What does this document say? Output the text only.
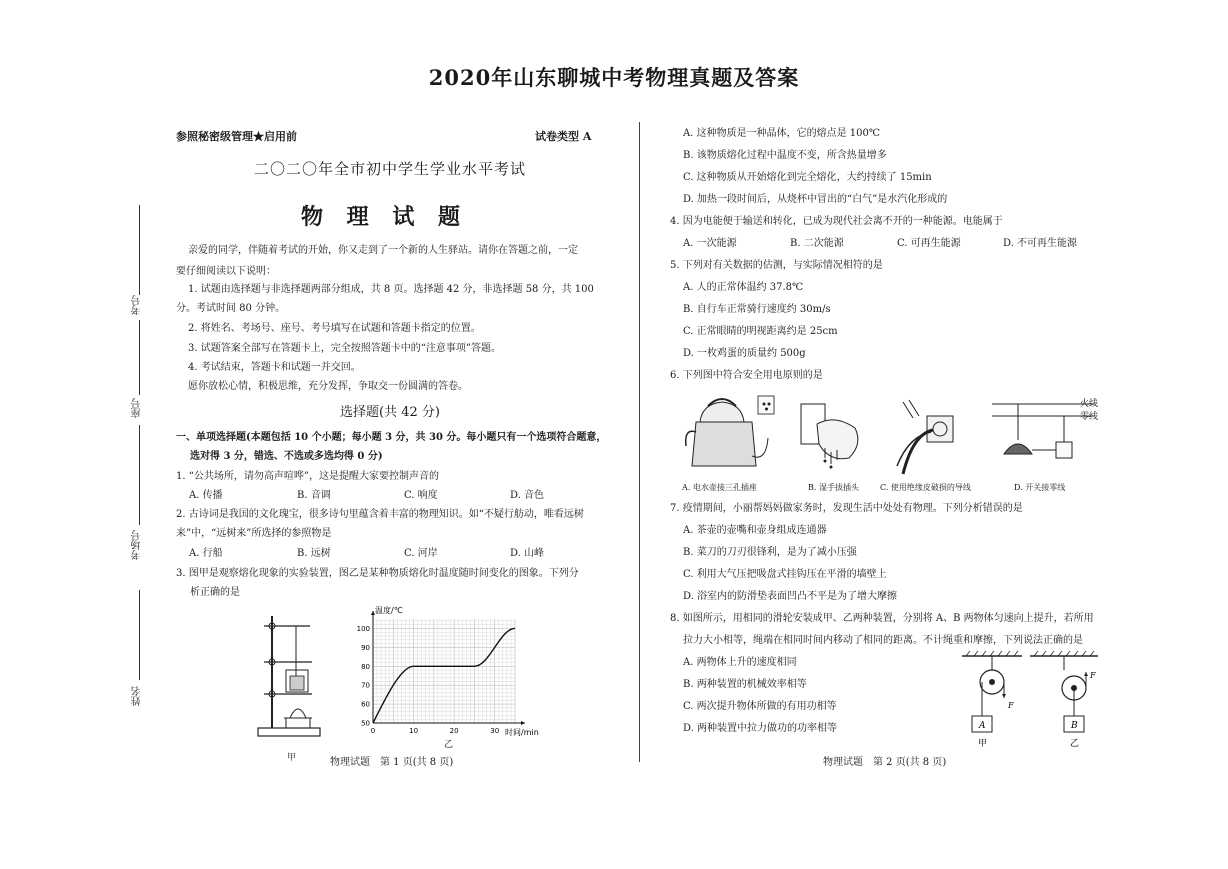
2020年山东聊城中考物理真题及答案
参照秘密级管理★启用前	试卷类型 A
二〇二〇年全市初中学生学业水平考试
物 理 试 题
亲爱的同学，伴随着考试的开始，你又走到了一个新的人生驿站。请你在答题之前，一定
要仔细阅读以下说明：
1. 试题由选择题与非选择题两部分组成，共 8 页。选择题 42 分，非选择题 58 分，共 100
分。考试时间 80 分钟。
2. 将姓名、考场号、座号、考号填写在试题和答题卡指定的位置。
3. 试题答案全部写在答题卡上，完全按照答题卡中的“注意事项”答题。
4. 考试结束，答题卡和试题一并交回。
愿你放松心情，积极思维，充分发挥，争取交一份圆满的答卷。
选择题(共 42 分)
一、单项选择题(本题包括 10 个小题；每小题 3 分，共 30 分。每小题只有一个选项符合题意，
选对得 3 分，错选、不选或多选均得 0 分)
1. “公共场所，请勿高声喧哗”，这是提醒大家要控制声音的
A. 传播	B. 音调	C. 响度	D. 音色
2. 古诗词是我国的文化瑰宝，很多诗句里蕴含着丰富的物理知识。如“不疑行舫动，唯看远树
来”中，“远树来”所选择的参照物是
A. 行船	B. 远树	C. 河岸	D. 山峰
3. 图甲是观察熔化现象的实验装置，图乙是某种物质熔化时温度随时间变化的图象。下列分
析正确的是
甲
0	10	20	30
50
60
70
80
90
100
温度/℃
时间/min
乙
物理试题　第 1 页(共 8 页)
考号
座号
考场号
姓名
A. 这种物质是一种晶体，它的熔点是 100℃
B. 该物质熔化过程中温度不变，所含热量增多
C. 这种物质从开始熔化到完全熔化，大约持续了 15min
D. 加热一段时间后，从烧杯中冒出的“白气”是水汽化形成的
4. 因为电能便于输送和转化，已成为现代社会离不开的一种能源。电能属于
A. 一次能源	B. 二次能源	C. 可再生能源	D. 不可再生能源
5. 下列对有关数据的估测，与实际情况相符的是
A. 人的正常体温约 37.8℃
B. 自行车正常骑行速度约 30m/s
C. 正常眼睛的明视距离约是 25cm
D. 一枚鸡蛋的质量约 500g
6. 下列图中符合安全用电原则的是
火线
零线
A. 电水壶接三孔插座	B. 湿手拔插头	C. 使用绝缘皮破损的导线	D. 开关接零线
7. 疫情期间，小丽帮妈妈做家务时，发现生活中处处有物理。下列分析错误的是
A. 茶壶的壶嘴和壶身组成连通器
B. 菜刀的刀刃很锋利，是为了减小压强
C. 利用大气压把吸盘式挂钩压在平滑的墙壁上
D. 浴室内的防滑垫表面凹凸不平是为了增大摩擦
8. 如图所示，用相同的滑轮安装成甲、乙两种装置，分别将 A、B 两物体匀速向上提升，若所用
拉力大小相等，绳端在相同时间内移动了相同的距离。不计绳重和摩擦，下列说法正确的是
A. 两物体上升的速度相同
B. 两种装置的机械效率相等
C. 两次提升物体所做的有用功相等
D. 两种装置中拉力做功的功率相等	A	B
F
F
甲	乙
物理试题　第 2 页(共 8 页)
